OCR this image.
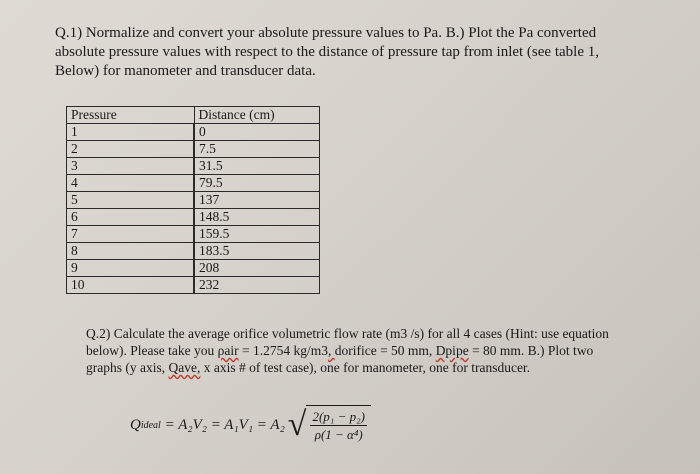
Q.1) Normalize and convert your absolute pressure values to Pa. B.) Plot the Pa converted
absolute pressure values with respect to the distance of pressure tap from inlet (see table 1,
Below) for manometer and transducer data.
Pressure	Distance (cm)
1	0
2	7.5
3	31.5
4	79.5
5	137
6	148.5
7	159.5
8	183.5
9	208
10	232
Q.2) Calculate the average orifice volumetric flow rate (m3 /s) for all 4 cases (Hint: use equation
below). Please take you ρair = 1.2754 kg/m3, dorifice = 50 mm, Dpipe = 80 mm. B.) Plot two
graphs (y axis, Qave, x axis # of test case), one for manometer, one for transducer.
Q ideal = A₂V₂ = A₁V₁ = A₂ √ $\frac{\text{2(p₁ − p₂)}}{\text{ρ(1 − α⁴)}}$
